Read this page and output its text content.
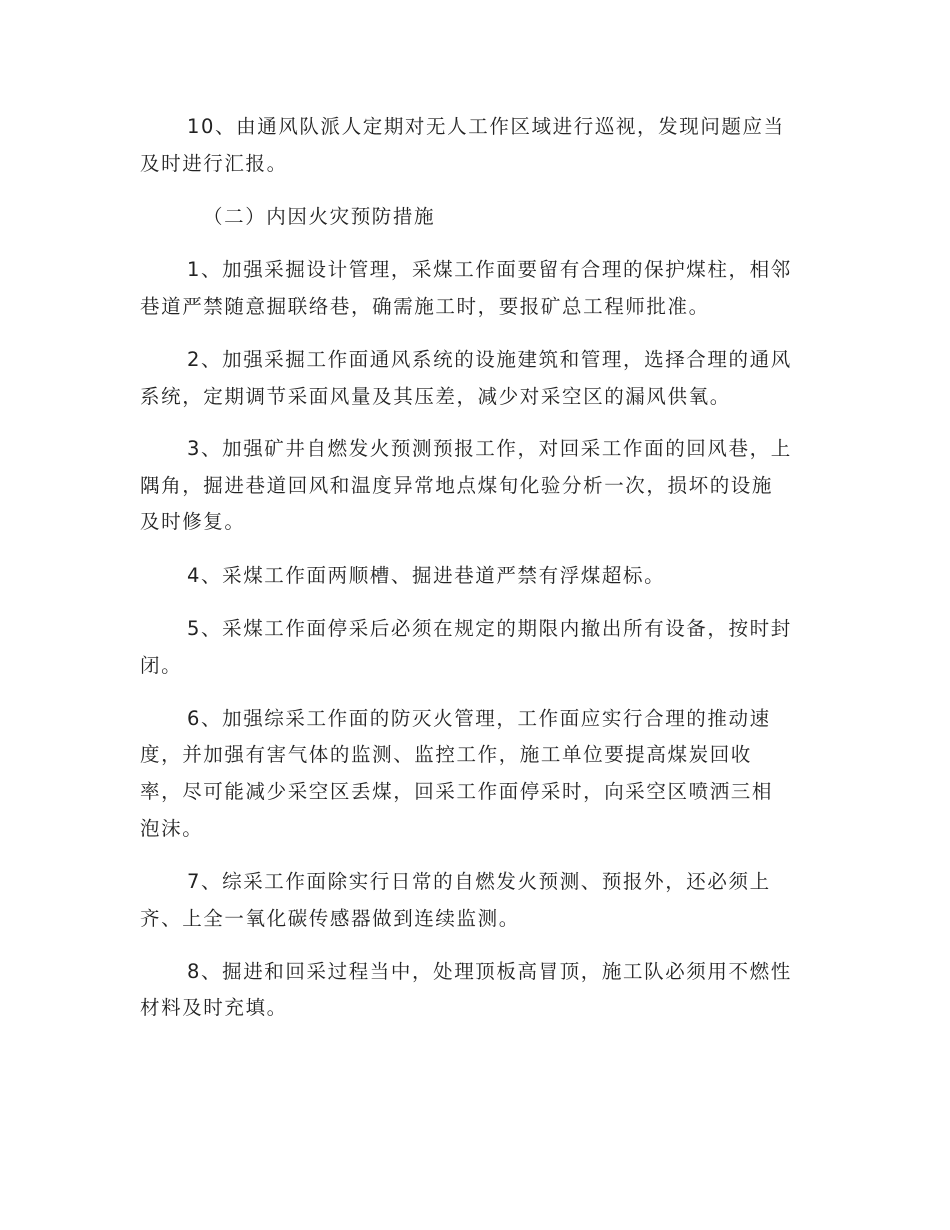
10、由通风队派人定期对无人工作区域进行巡视，发现问题应当
及时进行汇报。
（二）内因火灾预防措施
1、加强采掘设计管理，采煤工作面要留有合理的保护煤柱，相邻
巷道严禁随意掘联络巷，确需施工时，要报矿总工程师批准。
2、加强采掘工作面通风系统的设施建筑和管理，选择合理的通风
系统，定期调节采面风量及其压差，减少对采空区的漏风供氧。
3、加强矿井自燃发火预测预报工作，对回采工作面的回风巷，上
隅角，掘进巷道回风和温度异常地点煤旬化验分析一次，损坏的设施
及时修复。
4、采煤工作面两顺槽、掘进巷道严禁有浮煤超标。
5、采煤工作面停采后必须在规定的期限内撤出所有设备，按时封
闭。
6、加强综采工作面的防灭火管理，工作面应实行合理的推动速
度，并加强有害气体的监测、监控工作，施工单位要提高煤炭回收
率，尽可能减少采空区丢煤，回采工作面停采时，向采空区喷洒三相
泡沫。
7、综采工作面除实行日常的自燃发火预测、预报外，还必须上
齐、上全一氧化碳传感器做到连续监测。
8、掘进和回采过程当中，处理顶板高冒顶，施工队必须用不燃性
材料及时充填。
